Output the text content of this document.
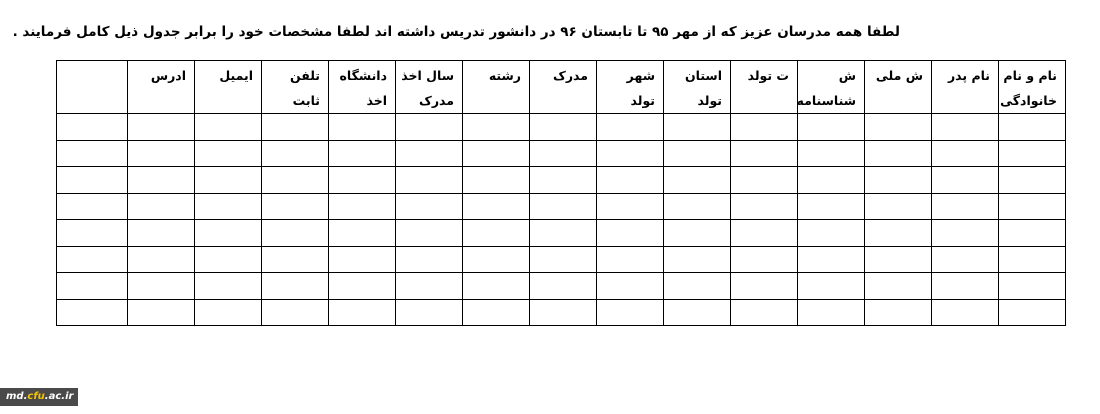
لطفا همه مدرسان عزیز که از مهر ۹۵ تا تابستان ۹۶ در دانشور تدریس داشته اند لطفا مشخصات خود را برابر جدول ذیل کامل فرمایند .
نام و نام خانوادگی	نام پدر	ش ملی	ش شناسنامه	ت تولد	استان تولد	شهر تولد	مدرک	رشته	سال اخذ مدرک	دانشگاه اخذ	تلفن ثابت	ایمیل	ادرس	

md.cfu.ac.ir
